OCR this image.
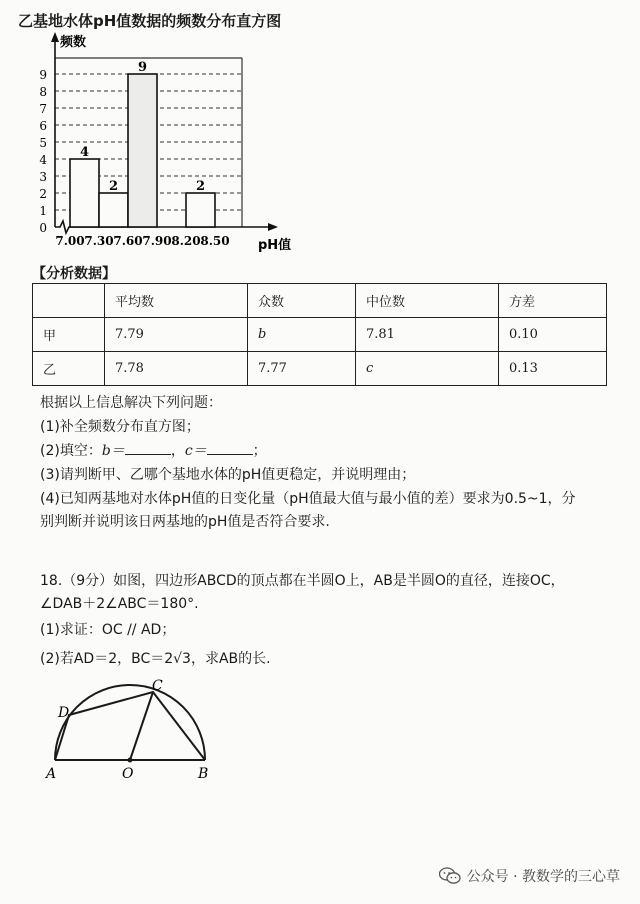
乙基地水体pH值数据的频数分布直方图
0
1
2
3
4
5
6
7
8
9
7.00 7.30 7.60 7.90 8.20 8.50
频数
pH值
4
2
9
2
【分析数据】
	平均数	众数	中位数	方差
甲	7.79	b	7.81	0.10
乙	7.78	7.77	c	0.13
根据以上信息解决下列问题：
(1)补全频数分布直方图；
(2)填空：b＝	，c＝	；
(3)请判断甲、乙哪个基地水体的pH值更稳定，并说明理由；
(4)已知两基地对水体pH值的日变化量（pH值最大值与最小值的差）要求为0.5~1，分
别判断并说明该日两基地的pH值是否符合要求.
18.（9分）如图，四边形ABCD的顶点都在半圆O上，AB是半圆O的直径，连接OC，
∠DAB＋2∠ABC＝180°.
(1)求证：OC // AD；
(2)若AD＝2，BC＝2√3，求AB的长.
A	O	B
C
D
公众号 · 教数学的三心草
